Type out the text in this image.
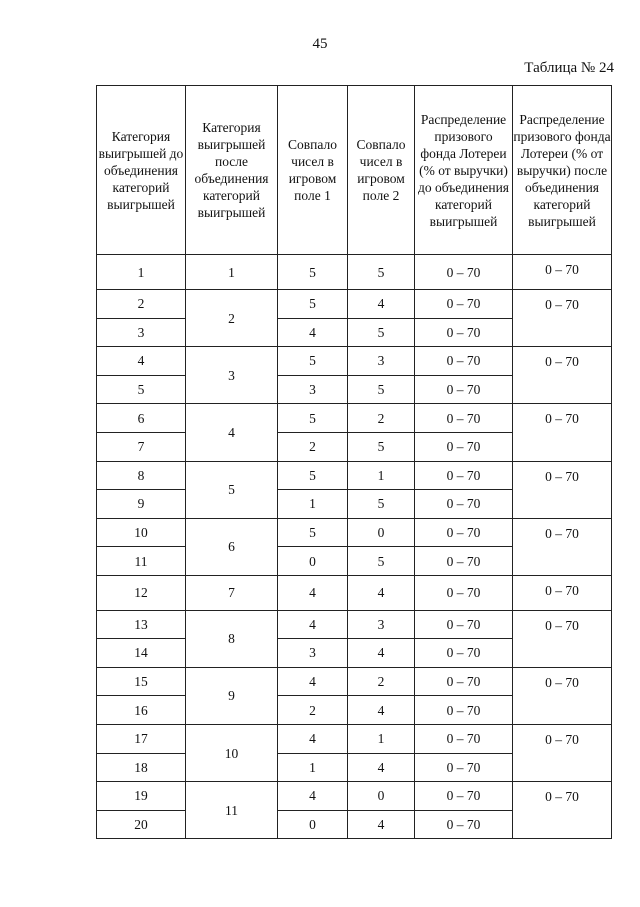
45
Таблица № 24
Категория выигрышей до объединения категорий выигрышей	Категория выигрышей после объединения категорий выигрышей	Совпало чисел в игровом поле 1	Совпало чисел в игровом поле 2	Распределение призового фонда Лотереи (% от выручки) до объединения категорий выигрышей	Распределение призового фонда Лотереи (% от выручки) после объединения категорий выигрышей
1	1	5	5	0 – 70	0 – 70
2	2	5	4	0 – 70	0 – 70
3		4	5	0 – 70	
4	3	5	3	0 – 70	0 – 70
5		3	5	0 – 70	
6	4	5	2	0 – 70	0 – 70
7		2	5	0 – 70	
8	5	5	1	0 – 70	0 – 70
9		1	5	0 – 70	
10	6	5	0	0 – 70	0 – 70
11		0	5	0 – 70	
12	7	4	4	0 – 70	0 – 70
13	8	4	3	0 – 70	0 – 70
14		3	4	0 – 70	
15	9	4	2	0 – 70	0 – 70
16		2	4	0 – 70	
17	10	4	1	0 – 70	0 – 70
18		1	4	0 – 70	
19	11	4	0	0 – 70	0 – 70
20		0	4	0 – 70	
